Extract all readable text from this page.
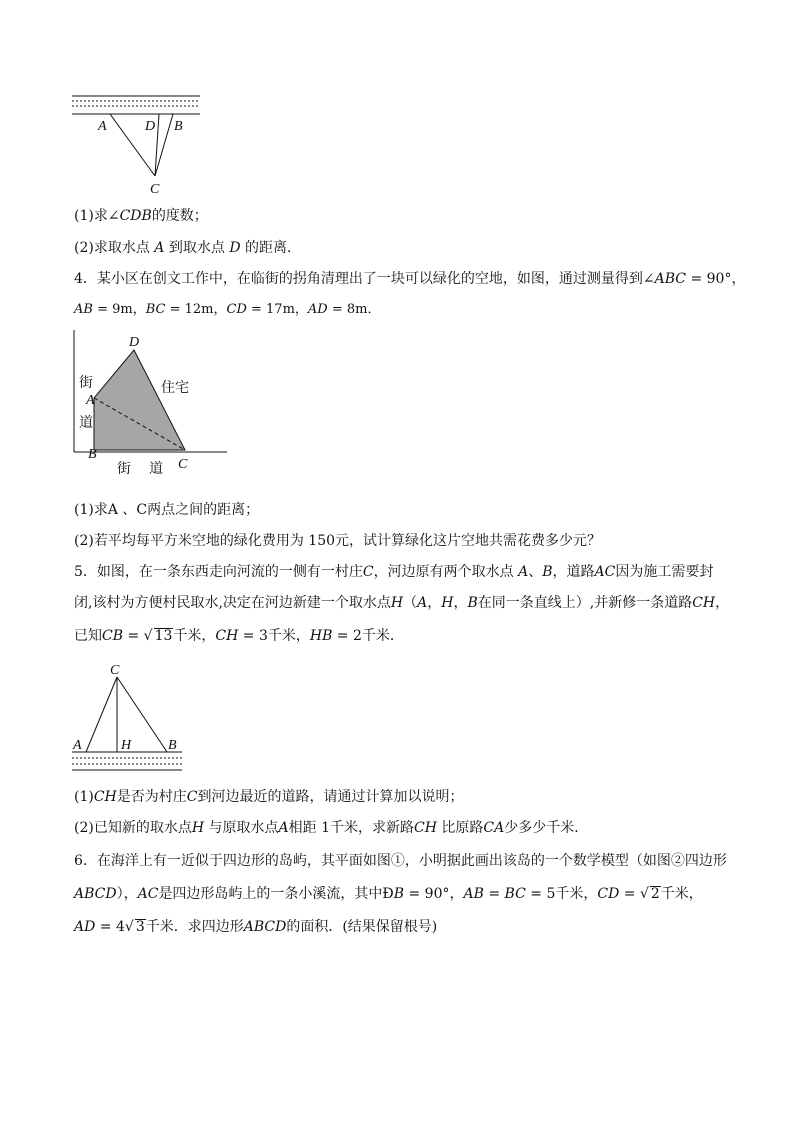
A	D B
C
(1)求∠CDB的度数；
(2)求取水点 A 到取水点 D 的距离．
4．某小区在创文工作中，在临街的拐角清理出了一块可以绿化的空地，如图，通过测量得到∠ABC = 90°，
AB = 9m，BC = 12m，CD = 17m，AD = 8m．
D
A
B
C
街
道
街 道
住宅
(1)求A 、C两点之间的距离；
(2)若平均每平方米空地的绿化费用为 150元，试计算绿化这片空地共需花费多少元？
5．如图，在一条东西走向河流的一侧有一村庄C，河边原有两个取水点 A、B，道路AC因为施工需要封
闭,该村为方便村民取水,决定在河边新建一个取水点H（A，H，B在同一条直线上）,并新修一条道路CH，
已知CB = √ 13千米，CH = 3千米，HB = 2千米．
C
A	H	B
(1)CH是否为村庄C到河边最近的道路，请通过计算加以说明；
(2)已知新的取水点H 与原取水点A相距 1千米，求新路CH 比原路CA少多少千米．
6．在海洋上有一近似于四边形的岛屿，其平面如图①，小明据此画出该岛的一个数学模型（如图②四边形
ABCD），AC是四边形岛屿上的一条小溪流，其中ÐB = 90°，AB = BC = 5千米，CD = √ 2千米，
AD = 4√ 3千米．求四边形ABCD的面积．(结果保留根号)
